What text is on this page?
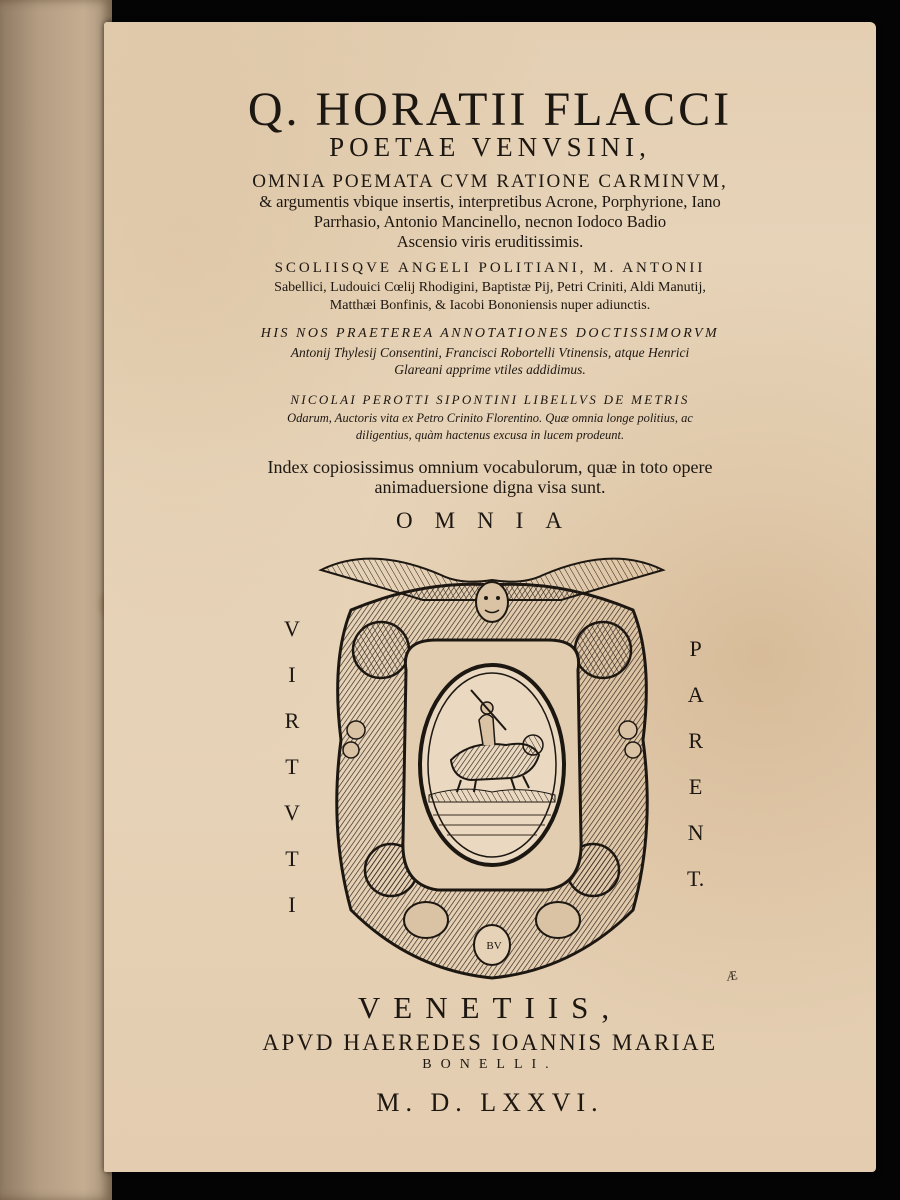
Q. HORATII FLACCI
POETAE VENVSINI,
OMNIA POEMATA CVM RATIONE CARMINVM,
& argumentis vbique insertis, interpretibus Acrone, Porphyrione, Iano
Parrhasio, Antonio Mancinello, necnon Iodoco Badio
Ascensio viris eruditissimis.
SCOLIISQVE ANGELI POLITIANI, M. ANTONII
Sabellici, Ludouici Cœlij Rhodigini, Baptistæ Pij, Petri Criniti, Aldi Manutij,
Matthæi Bonfinis, & Iacobi Bononiensis nuper adiunctis.
HIS NOS PRAETEREA ANNOTATIONES DOCTISSIMORVM
Antonij Thylesij Consentini, Francisci Robortelli Vtinensis, atque Henrici
Glareani apprime vtiles addidimus.
NICOLAI PEROTTI SIPONTINI LIBELLVS DE METRIS
Odarum, Auctoris vita ex Petro Crinito Florentino. Quæ omnia longe politius, ac
diligentius, quàm hactenus excusa in lucem prodeunt.
Index copiosissimus omnium vocabulorum, quæ in toto opere
animaduersione digna visa sunt.
OMNIA
V
I
R
T
V
T
I
P
A
R
E
N
T.
BV
VENETIIS,
APVD HAEREDES IOANNIS MARIAE
BONELLI.
M. D. LXXVI.
Æ
